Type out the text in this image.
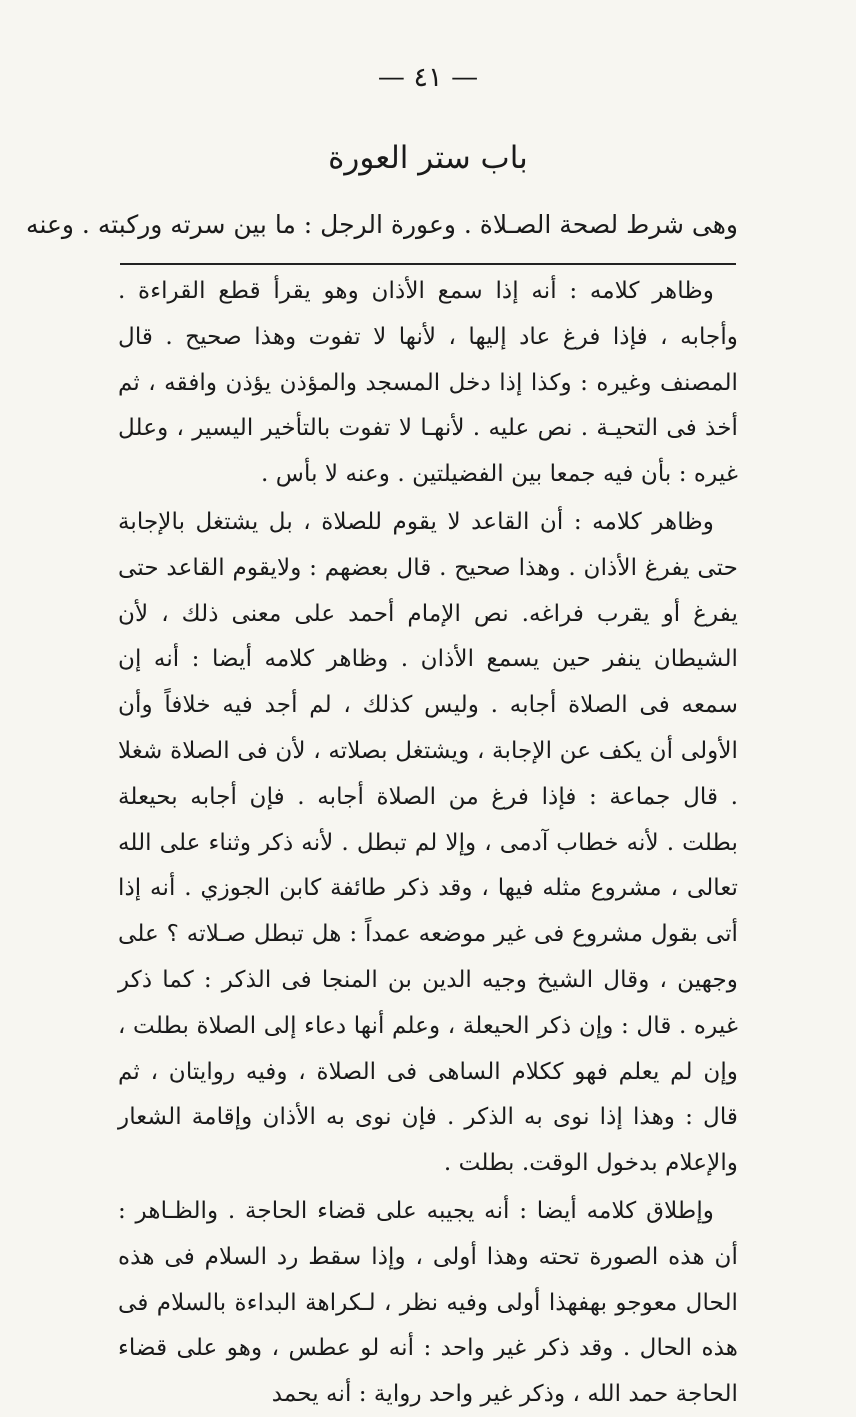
— ٤١ —
باب ستر العورة
وهى شرط لصحة الصـلاة . وعورة الرجل : ما بين سرته وركبته . وعنه

وظاهر كلامه : أنه إذا سمع الأذان وهو يقرأ قطع القراءة . وأجابه ، فإذا فرغ عاد إليها ، لأنها لا تفوت وهذا صحيح . قال المصنف وغيره : وكذا إذا دخل المسجد والمؤذن يؤذن وافقه ، ثم أخذ فى التحيـة . نص عليه . لأنهـا لا تفوت بالتأخير اليسير ، وعلل غيره : بأن فيه جمعا بين الفضيلتين . وعنه لا بأس .

وظاهر كلامه : أن القاعد لا يقوم للصلاة ، بل يشتغل بالإجابة حتى يفرغ الأذان . وهذا صحيح . قال بعضهم : ولايقوم القاعد حتى يفرغ أو يقرب فراغه. نص الإمام أحمد على معنى ذلك ، لأن الشيطان ينفر حين يسمع الأذان . وظاهر كلامه أيضا : أنه إن سمعه فى الصلاة أجابه . وليس كذلك ، لم أجد فيه خلافاً وأن الأولى أن يكف عن الإجابة ، ويشتغل بصلاته ، لأن فى الصلاة شغلا . قال جماعة : فإذا فرغ من الصلاة أجابه . فإن أجابه بحيعلة بطلت . لأنه خطاب آدمى ، وإلا لم تبطل . لأنه ذكر وثناء على الله تعالى ، مشروع مثله فيها ، وقد ذكر طائفة كابن الجوزي . أنه إذا أتى بقول مشروع فى غير موضعه عمداً : هل تبطل صـلاته ؟ على وجهين ، وقال الشيخ وجيه الدين بن المنجا فى الذكر : كما ذكر غيره . قال : وإن ذكر الحيعلة ، وعلم أنها دعاء إلى الصلاة بطلت ، وإن لم يعلم فهو ككلام الساهى فى الصلاة ، وفيه روايتان ، ثم قال : وهذا إذا نوى به الذكر . فإن نوى به الأذان وإقامة الشعار والإعلام بدخول الوقت. بطلت .

وإطلاق كلامه أيضا : أنه يجيبه على قضاء الحاجة . والظـاهر : أن هذه الصورة تحته وهذا أولى ، وإذا سقط رد السلام فى هذه الحال معوجو بهفهذا أولى وفيه نظر ، لـكراهة البداءة بالسلام فى هذه الحال . وقد ذكر غير واحد : أنه لو عطس ، وهو على قضاء الحاجة حمد الله ، وذكر غير واحد رواية : أنه يحمد
